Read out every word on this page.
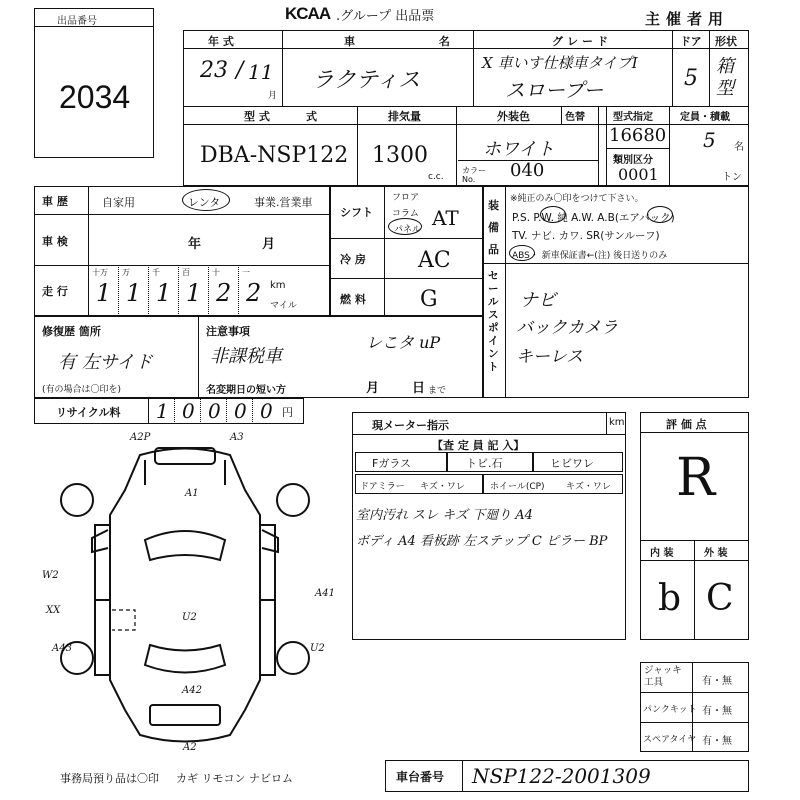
出品番号
2034
KCAA .グループ 出品票	主催者用
年 式
23 / 11
月
車 名
ラクティス
グレード
X 車いす仕様車タイプI
スロープー
ドア
5
形状
箱 型
型 式	式
DBA-NSP122
排気量
1300
c.c.
外装色	色替
ホワイト
カラー No.	040
型式指定
16680
類別区分
0001
定員・積載
5 名
トン
車 歴	自家用	レンタ	事業.営業車
車 検	年	月
走 行
十万
1
万
1
千
1
百
1
十
2
一
2 km
マイル
シフト
フロア
コラム
パネル AT
冷 房 AC
燃 料 G
装 備 品
※純正のみ〇印をつけて下さい。
P.S. P.W. 純 A.W. A.B(エアバック)
TV. ナビ. カワ. SR(サンルーフ)
ABS・ 新車保証書←(注) 後日送りのみ
セールスポイント
ナビ
バックカメラ
キーレス
修復歴 箇所
有 左サイド
(有の場合は〇印を)
注意事項
非課税車
レこタ uP
名変期日の短い方	月	日 まで
リサイクル料 1 0 0 0 0 円
現メーター指示	km
【査 定 員 記 入】
Fガラス	トビ.石	ヒビワレ
ドアミラー キズ・ワレ	ホイール(CP) キズ・ワレ
室内汚れ スレ キズ 下廻り A4
ボディ A4 看板跡 左ステップ C ピラー BP
評 価 点
R
内 装	外 装
b C
ジャッキ 工具	有・無
パンクキット 有・無
スペアタイヤ 有・無
車台番号 NSP122-2001309
事務局預り品は〇印 カギ リモコン ナビロム
A2P	A3
A1
W2
XX
A43
U2
A41
U2
A42
A2
